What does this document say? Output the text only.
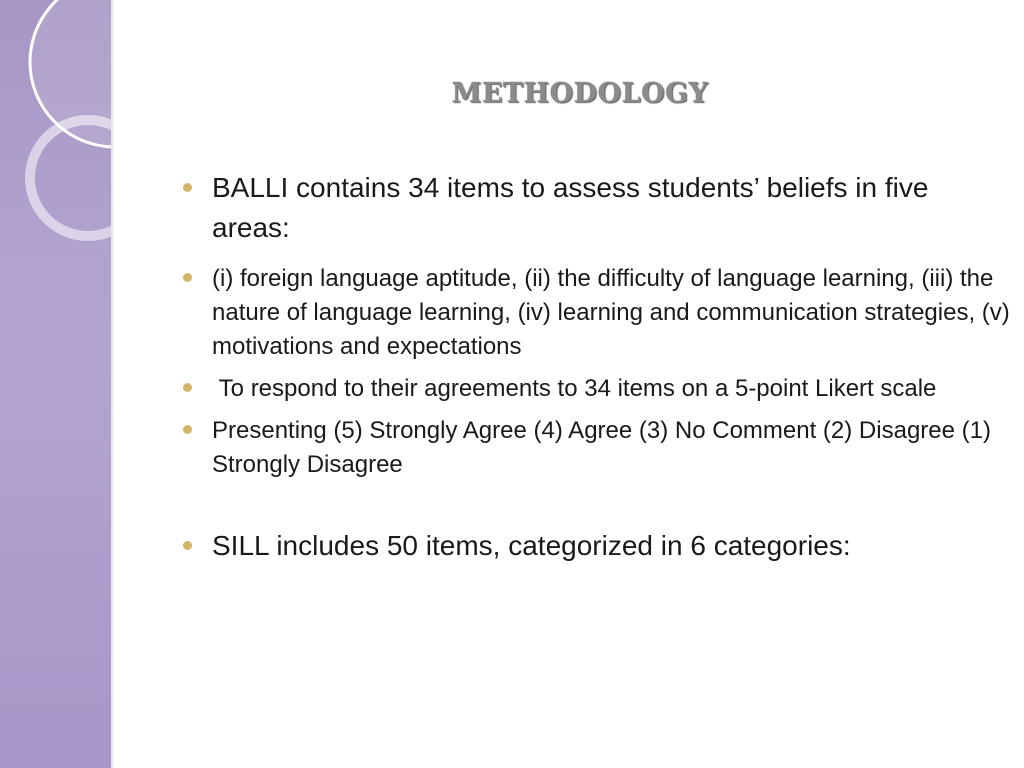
METHODOLOGY
BALLI contains 34 items to assess students’ beliefs in five areas:
(i) foreign language aptitude, (ii) the difficulty of language learning, (iii) the nature of language learning, (iv) learning and communication strategies, (v) motivations and expectations
To respond to their agreements to 34 items on a 5-point Likert scale
Presenting (5) Strongly Agree (4) Agree (3) No Comment (2) Disagree (1) Strongly Disagree
SILL includes 50 items, categorized in 6 categories:
